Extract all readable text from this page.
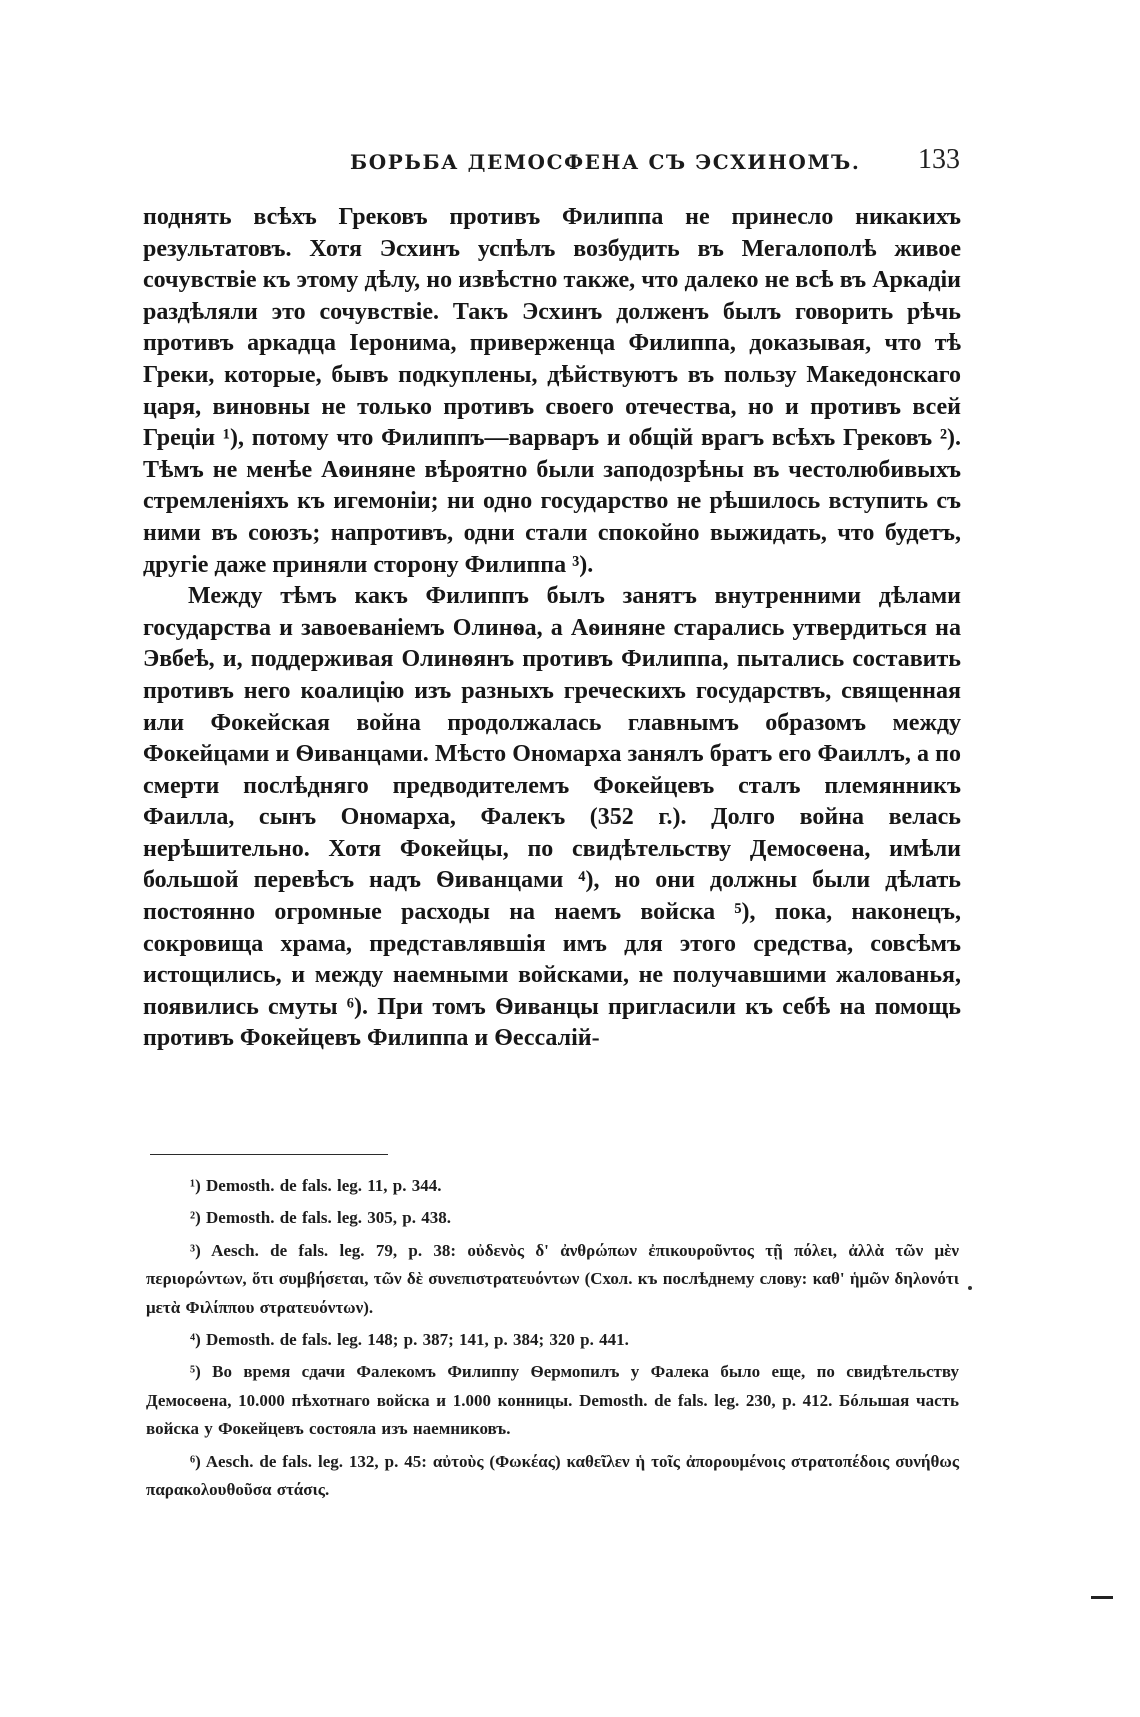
БОРЬБА ДЕМОСФЕНА СЪ ЭСХИНОМЪ. 133

поднять всѣхъ Грековъ противъ Филиппа не принесло никакихъ результатовъ. Хотя Эсхинъ успѣлъ возбудить въ Мегалополѣ живое сочувствіе къ этому дѣлу, но извѣстно также, что далеко не всѣ въ Аркадіи раздѣляли это сочувствіе. Такъ Эсхинъ долженъ былъ говорить рѣчь противъ аркадца Іеронима, приверженца Филиппа, доказывая, что тѣ Греки, которые, бывъ подкуплены, дѣйствуютъ въ пользу Македонскаго царя, виновны не только противъ своего отечества, но и противъ всей Греціи ¹), потому что Филиппъ—варваръ и общій врагъ всѣхъ Грековъ ²). Тѣмъ не менѣе Аѳиняне вѣроятно были заподозрѣны въ честолюбивыхъ стремленіяхъ къ игемоніи; ни одно государство не рѣшилось вступить съ ними въ союзъ; напротивъ, одни стали спокойно выжидать, что будетъ, другіе даже приняли сторону Филиппа ³).

Между тѣмъ какъ Филиппъ былъ занятъ внутренними дѣлами государства и завоеваніемъ Олинѳа, а Аѳиняне старались утвердиться на Эвбеѣ, и, поддерживая Олинѳянъ противъ Филиппа, пытались составить противъ него коалицію изъ разныхъ греческихъ государствъ, священная или Фокейская война продолжалась главнымъ образомъ между Фокейцами и Ѳиванцами. Мѣсто Ономарха занялъ братъ его Фаиллъ, а по смерти послѣдняго предводителемъ Фокейцевъ сталъ племянникъ Фаилла, сынъ Ономарха, Фалекъ (352 г.). Долго война велась нерѣшительно. Хотя Фокейцы, по свидѣтельству Демосѳена, имѣли большой перевѣсъ надъ Ѳиванцами ⁴), но они должны были дѣлать постоянно огромные расходы на наемъ войска ⁵), пока, наконецъ, сокровища храма, представлявшія имъ для этого средства, совсѣмъ истощились, и между наемными войсками, не получавшими жалованья, появились смуты ⁶). При томъ Ѳиванцы пригласили къ себѣ на помощь противъ Фокейцевъ Филиппа и Ѳессалій-

¹) Demosth. de fals. leg. 11, p. 344.

²) Demosth. de fals. leg. 305, p. 438.

³) Aesch. de fals. leg. 79, p. 38: οὐδενὸς δ' ἀνθρώπων ἐπικουροῦντος τῇ πόλει, ἀλλὰ τῶν μὲν περιορώντων, ὅτι συμβήσεται, τῶν δὲ συνεπιστρατευόντων (Схол. къ послѣднему слову: καθ' ἡμῶν δηλονότι μετὰ Φιλίππου στρατευόντων).

⁴) Demosth. de fals. leg. 148; p. 387; 141, p. 384; 320 p. 441.

⁵) Во время сдачи Фалекомъ Филиппу Ѳермопилъ у Фалека было еще, по свидѣтельству Демосѳена, 10.000 пѣхотнаго войска и 1.000 конницы. Demosth. de fals. leg. 230, p. 412. Бóльшая часть войска у Фокейцевъ состояла изъ наемниковъ.

⁶) Aesch. de fals. leg. 132, p. 45: αὐτοὺς (Φωκέας) καθεῖλεν ἡ τοῖς ἀπορουμένοις στρατοπέδοις συνήθως παρακολουθοῦσα στάσις.
